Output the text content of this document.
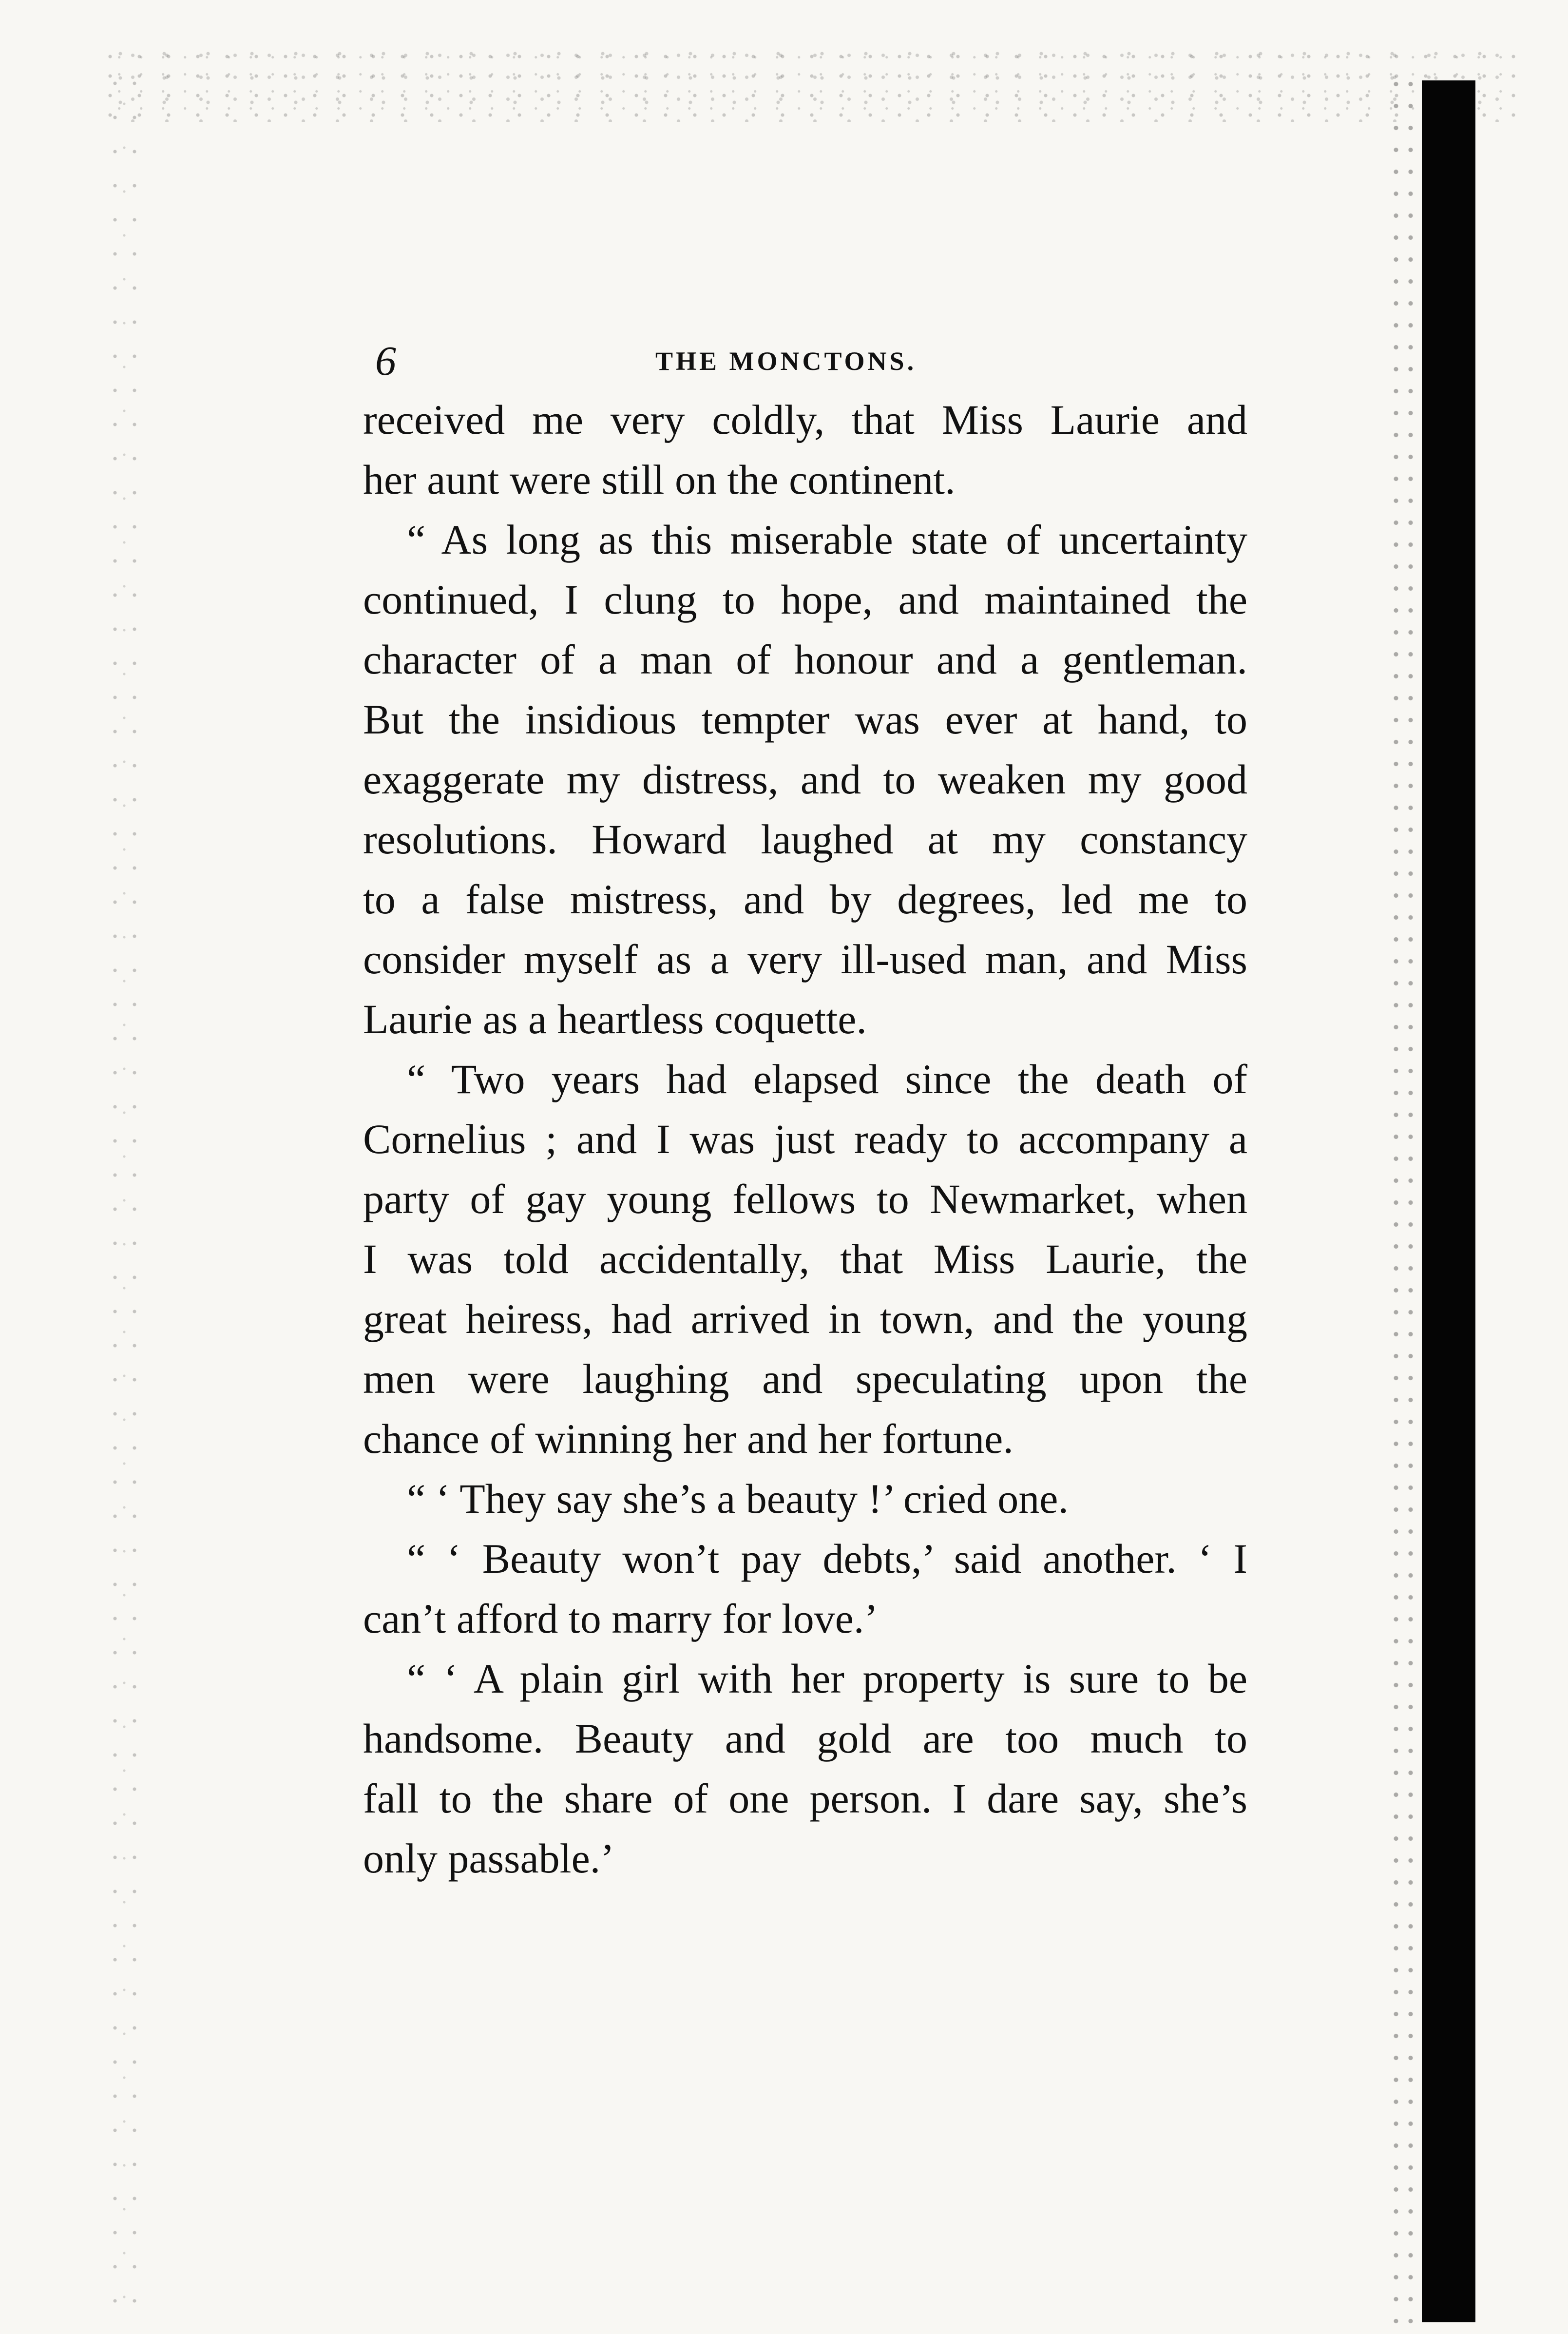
6	THE MONCTONS.

received me very coldly, that Miss Laurie and
her aunt were still on the continent.

“ As long as this miserable state of uncertainty
continued, I clung to hope, and maintained the
character of a man of honour and a gentleman.
But the insidious tempter was ever at hand, to
exaggerate my distress, and to weaken my good
resolutions. Howard laughed at my constancy
to a false mistress, and by degrees, led me to
consider myself as a very ill-used man, and Miss
Laurie as a heartless coquette.

“ Two years had elapsed since the death of
Cornelius ; and I was just ready to accompany a
party of gay young fellows to Newmarket, when
I was told accidentally, that Miss Laurie, the
great heiress, had arrived in town, and the young
men were laughing and speculating upon the
chance of winning her and her fortune.

“ ‘ They say she’s a beauty !’ cried one.

“ ‘ Beauty won’t pay debts,’ said another. ‘ I
can’t afford to marry for love.’

“ ‘ A plain girl with her property is sure to be
handsome. Beauty and gold are too much to
fall to the share of one person. I dare say, she’s
only passable.’
